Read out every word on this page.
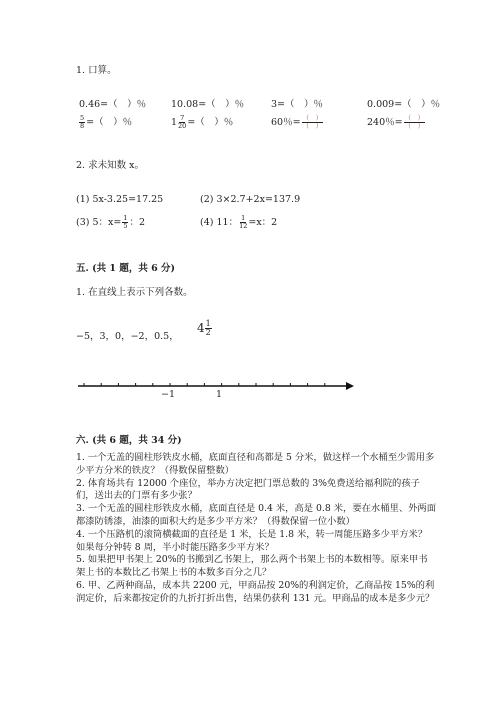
1. 口算。
0.46=（　）％	10.08=（　）％	3=（　）％	0.009=（　）％
$\frac{5}{8}$ =（　）％	$1 \frac{7}{20}$ =（　）％	60％= $\frac{( )}{( )}$	240％= $\frac{( )}{( )}$
2. 求未知数 x。
(1) 5x-3.25=17.25	(2) 3×2.7+2x=137.9
(3) 5：$x= \frac{1}{5}$ ：2	(4) 11： $\frac{1}{12} =x$：2
五. (共 1 题，共 6 分)
1. 在直线上表示下列各数。
−5，3，0，−2，0.5，
$4 \frac{1}{2}$
−1	1
六. (共 6 题，共 34 分)

1. 一个无盖的圆柱形铁皮水桶，底面直径和高都是 5 分米，做这样一个水桶至少需用多少平方分米的铁皮？（得数保留整数）

2. 体育场共有 12000 个座位，举办方决定把门票总数的 3%免费送给福利院的孩子们，送出去的门票有多少张？

3. 一个无盖的圆柱形铁皮水桶，底面直径是 0.4 米，高是 0.8 米，要在水桶里、外两面都漆防锈漆，油漆的面积大约是多少平方米？（得数保留一位小数）

4. 一个压路机的滚筒横截面的直径是 1 米，长是 1.8 米，转一周能压路多少平方米？如果每分钟转 8 周，半小时能压路多少平方米？

5. 如果把甲书架上 20%的书搬到乙书架上，那么两个书架上书的本数相等。原来甲书架上书的本数比乙书架上书的本数多百分之几？

6. 甲、乙两种商品，成本共 2200 元，甲商品按 20%的利润定价，乙商品按 15%的利润定价，后来都按定价的九折打折出售，结果仍获利 131 元。甲商品的成本是多少元？
